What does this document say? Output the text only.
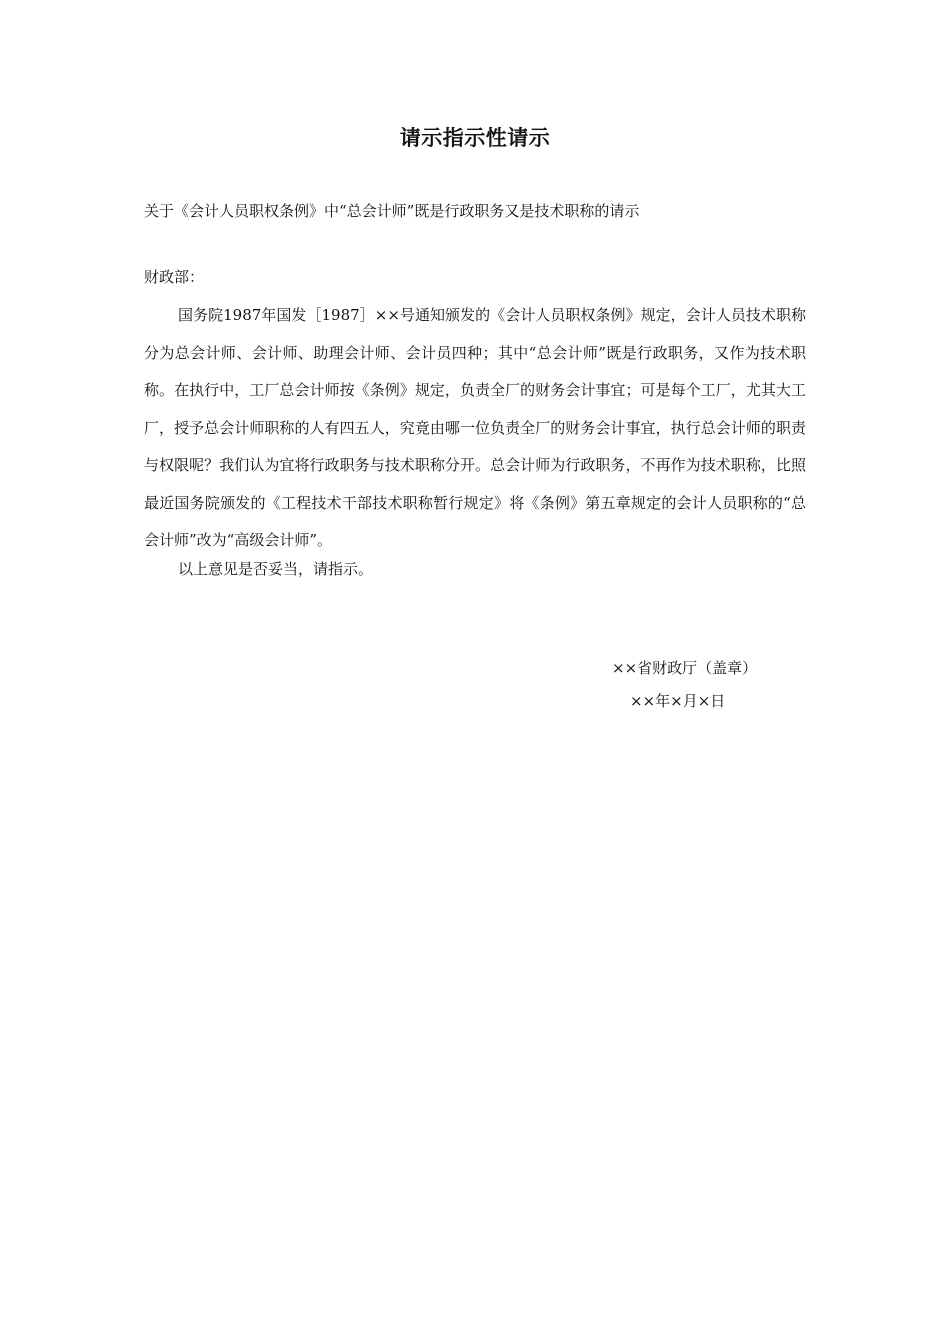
请示指示性请示
关于《会计人员职权条例》中“总会计师”既是行政职务又是技术职称的请示
财政部：

国务院1987年国发［1987］××号通知颁发的《会计人员职权条例》规定，会计人员技术职称分为总会计师、会计师、助理会计师、会计员四种；其中“总会计师”既是行政职务，又作为技术职称。在执行中，工厂总会计师按《条例》规定，负责全厂的财务会计事宜；可是每个工厂，尤其大工厂，授予总会计师职称的人有四五人，究竟由哪一位负责全厂的财务会计事宜，执行总会计师的职责与权限呢？我们认为宜将行政职务与技术职称分开。总会计师为行政职务，不再作为技术职称，比照最近国务院颁发的《工程技术干部技术职称暂行规定》将《条例》第五章规定的会计人员职称的“总会计师”改为“高级会计师”。

以上意见是否妥当，请指示。
××省财政厅（盖章）
××年×月×日
